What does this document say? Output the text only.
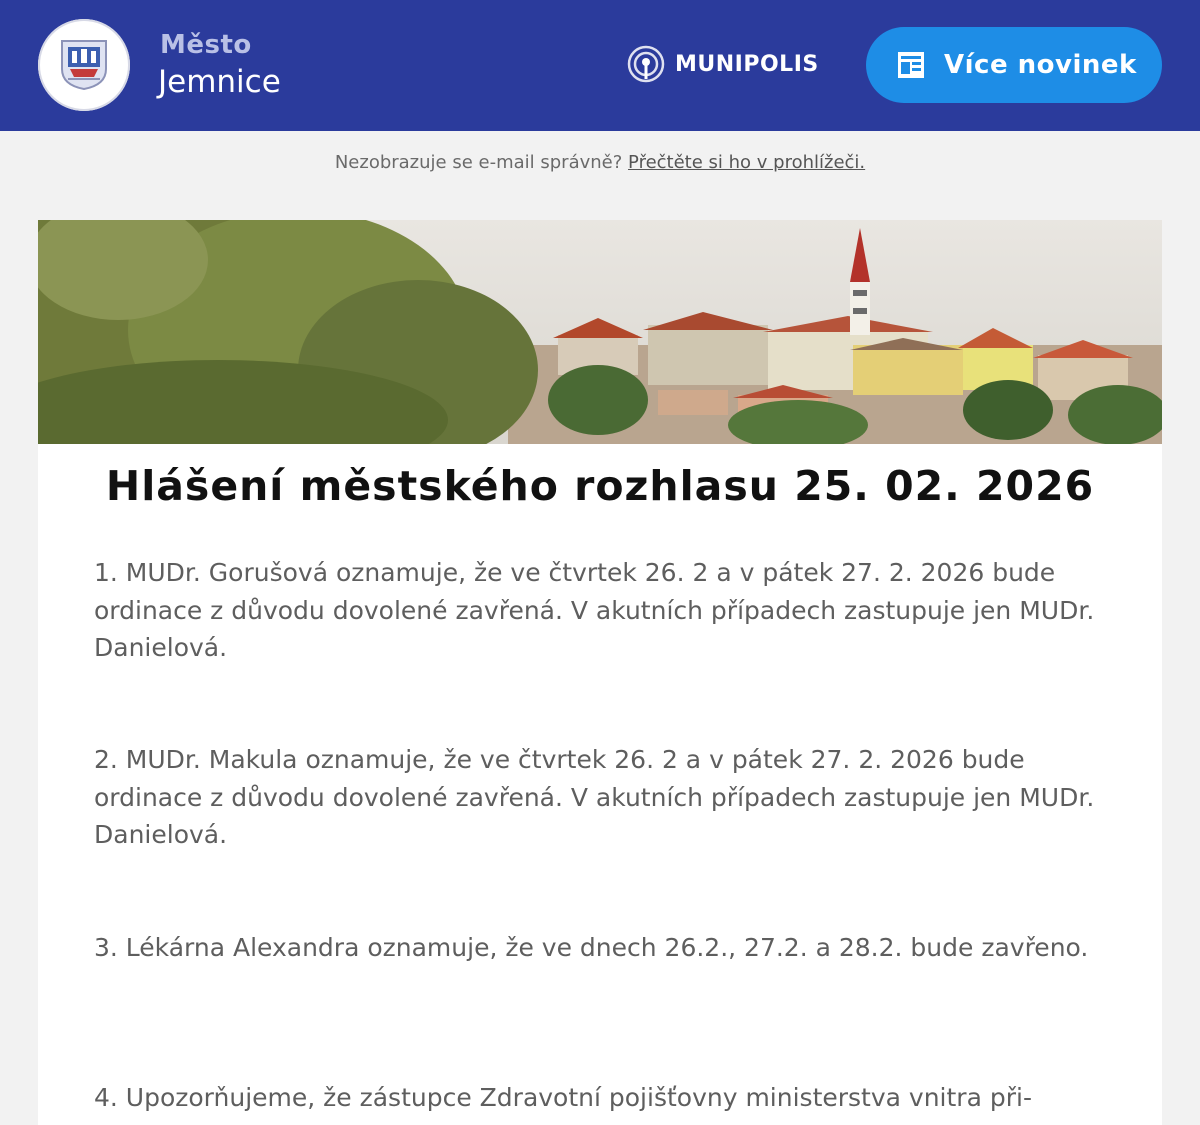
Město
Jemnice	MUNIPOLIS	Více novinek
Nezobrazuje se e-mail správně? Přečtěte si ho v prohlížeči.
Hlášení městského rozhlasu 25. 02. 2026
1. MUDr. Gorušová oznamuje, že ve čtvrtek 26. 2 a v pátek 27. 2. 2026 bude ordinace z důvodu dovolené zavřená. V akutních případech zastupuje jen MUDr. Danielová.
2. MUDr. Makula oznamuje, že ve čtvrtek 26. 2 a v pátek 27. 2. 2026 bude ordinace z důvodu dovolené zavřená. V akutních případech zastupuje jen MUDr. Danielová.
3. Lékárna Alexandra oznamuje, že ve dnech 26.2., 27.2. a 28.2. bude zavřeno.
4. Upozorňujeme, že zástupce Zdravotní pojišťovny ministerstva vnitra při-
